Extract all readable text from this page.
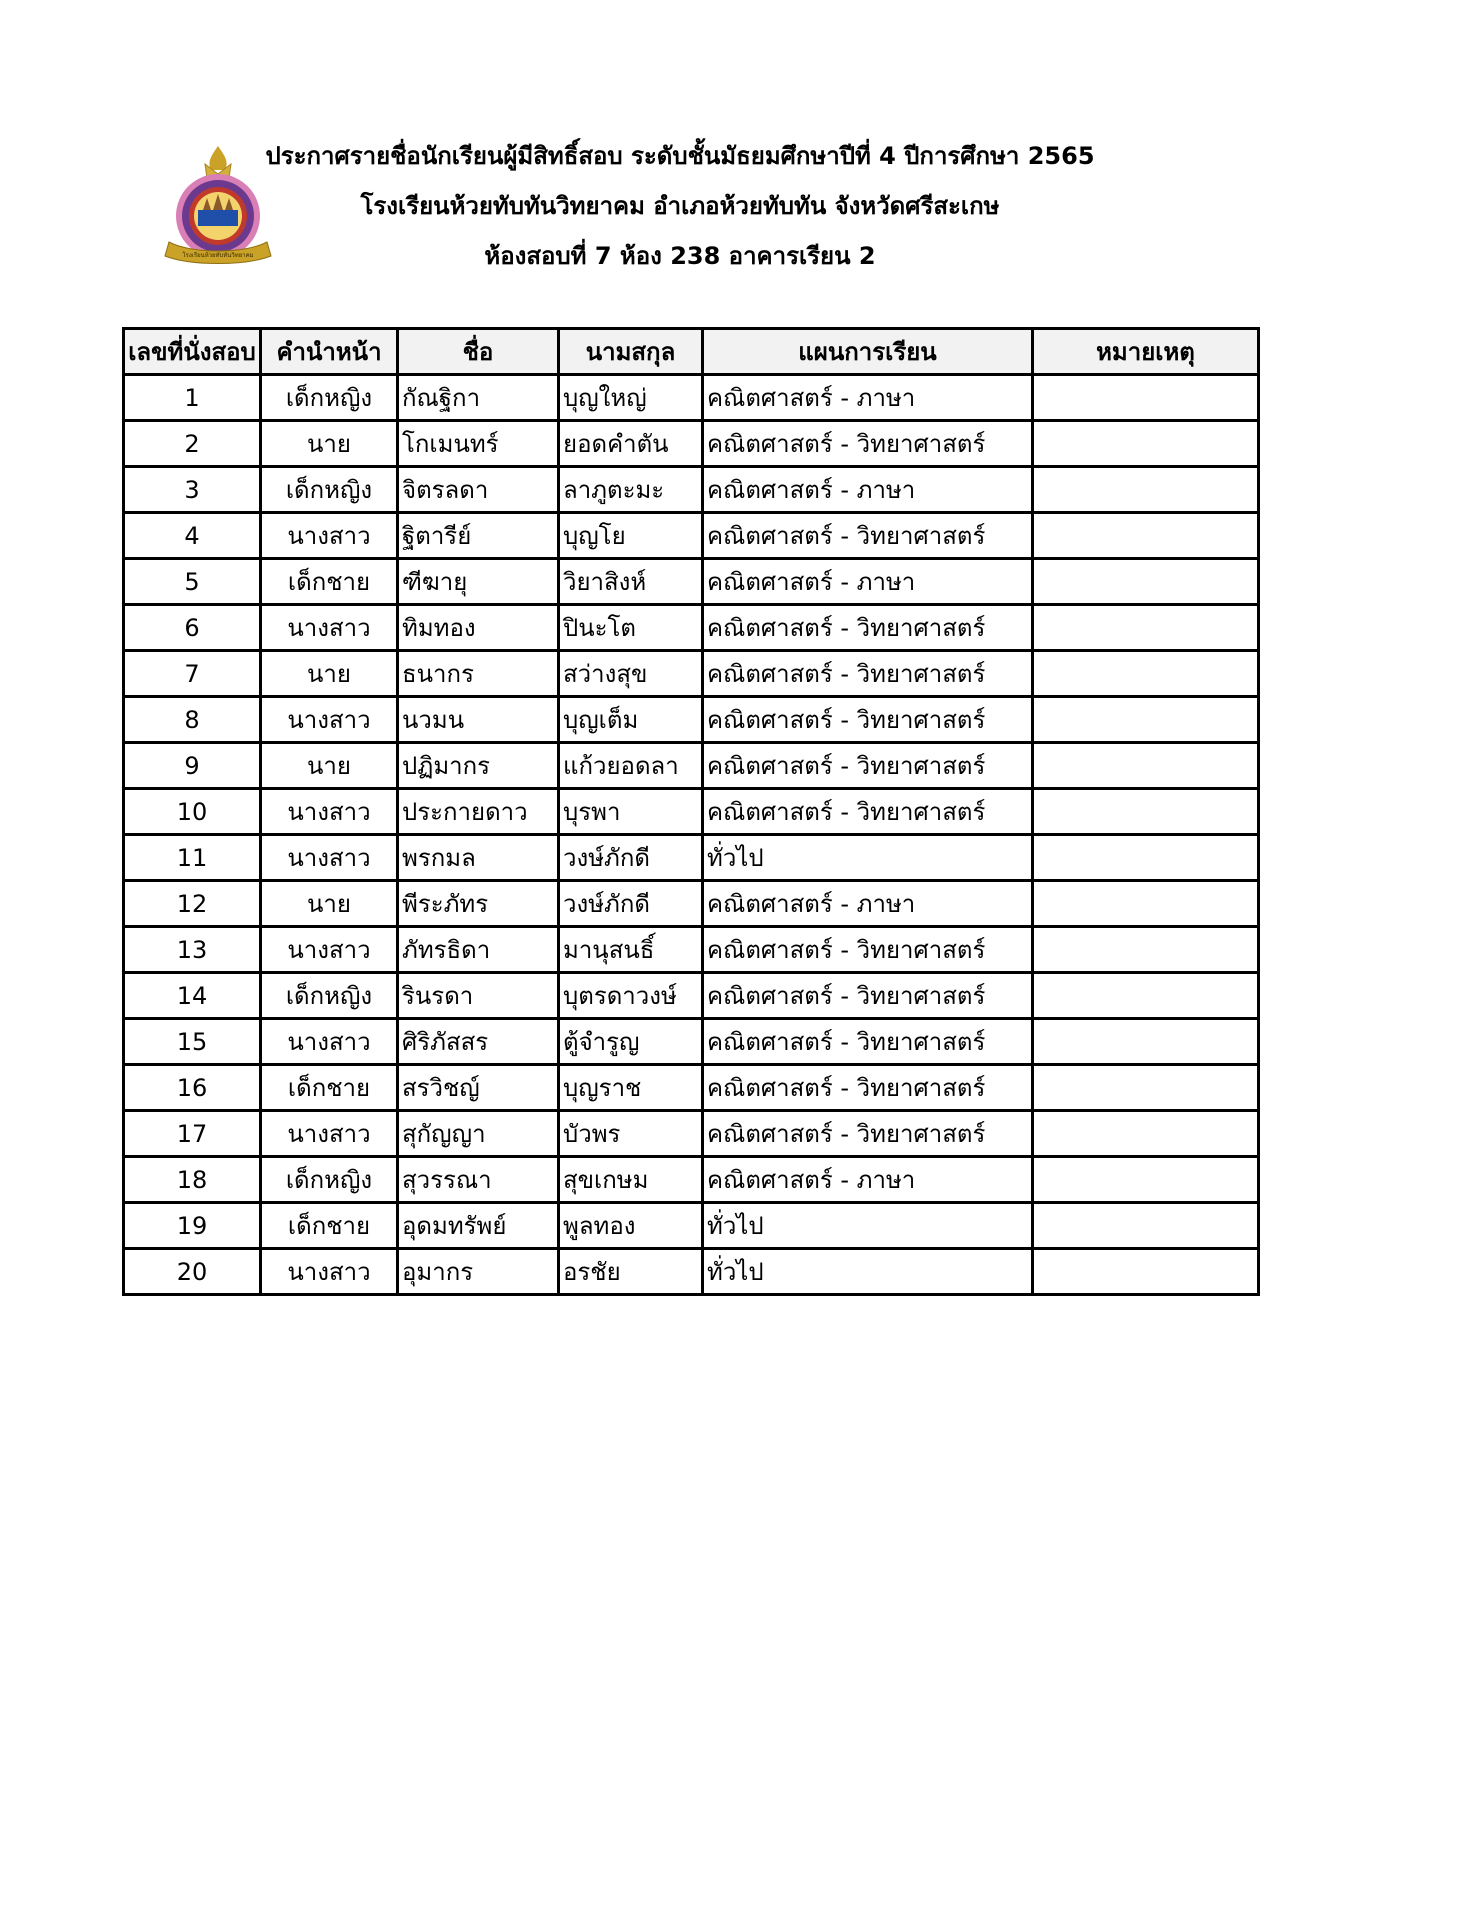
โรงเรียนห้วยทับทันวิทยาคม
ประกาศรายชื่อนักเรียนผู้มีสิทธิ์สอบ ระดับชั้นมัธยมศึกษาปีที่ 4 ปีการศึกษา 2565
โรงเรียนห้วยทับทันวิทยาคม อำเภอห้วยทับทัน จังหวัดศรีสะเกษ
ห้องสอบที่ 7 ห้อง 238 อาคารเรียน 2
เลขที่นั่งสอบ	คำนำหน้า	ชื่อ	นามสกุล	แผนการเรียน	หมายเหตุ
1	เด็กหญิง	กัณฐิกา	บุญใหญ่	คณิตศาสตร์ - ภาษา	
2	นาย	โกเมนทร์	ยอดคำตัน	คณิตศาสตร์ - วิทยาศาสตร์	
3	เด็กหญิง	จิตรลดา	ลาภูตะมะ	คณิตศาสตร์ - ภาษา	
4	นางสาว	ฐิตารีย์	บุญโย	คณิตศาสตร์ - วิทยาศาสตร์	
5	เด็กชาย	ฑีฆายุ	วิยาสิงห์	คณิตศาสตร์ - ภาษา	
6	นางสาว	ทิมทอง	ปินะโต	คณิตศาสตร์ - วิทยาศาสตร์	
7	นาย	ธนากร	สว่างสุข	คณิตศาสตร์ - วิทยาศาสตร์	
8	นางสาว	นวมน	บุญเต็ม	คณิตศาสตร์ - วิทยาศาสตร์	
9	นาย	ปฏิมากร	แก้วยอดลา	คณิตศาสตร์ - วิทยาศาสตร์	
10	นางสาว	ประกายดาว	บุรพา	คณิตศาสตร์ - วิทยาศาสตร์	
11	นางสาว	พรกมล	วงษ์ภักดี	ทั่วไป	
12	นาย	พีระภัทร	วงษ์ภักดี	คณิตศาสตร์ - ภาษา	
13	นางสาว	ภัทรธิดา	มานุสนธิ์	คณิตศาสตร์ - วิทยาศาสตร์	
14	เด็กหญิง	รินรดา	บุตรดาวงษ์	คณิตศาสตร์ - วิทยาศาสตร์	
15	นางสาว	ศิริภัสสร	ตู้จำรูญ	คณิตศาสตร์ - วิทยาศาสตร์	
16	เด็กชาย	สรวิชญ์	บุญราช	คณิตศาสตร์ - วิทยาศาสตร์	
17	นางสาว	สุกัญญา	บัวพร	คณิตศาสตร์ - วิทยาศาสตร์	
18	เด็กหญิง	สุวรรณา	สุขเกษม	คณิตศาสตร์ - ภาษา	
19	เด็กชาย	อุดมทรัพย์	พูลทอง	ทั่วไป	
20	นางสาว	อุมากร	อรชัย	ทั่วไป	
